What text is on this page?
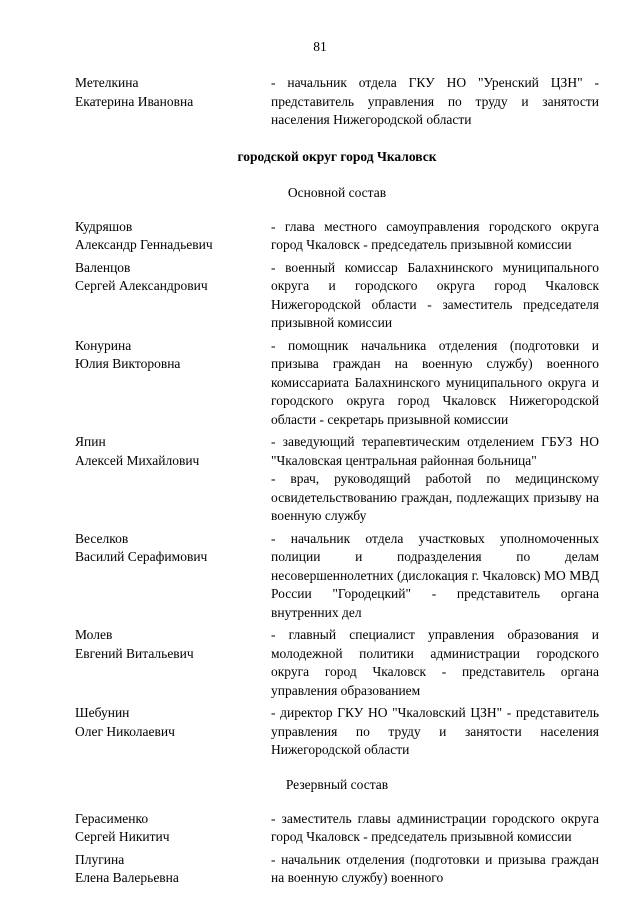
81
Метелкина
Екатерина Ивановна
- начальник отдела ГКУ НО "Уренский ЦЗН" - представитель управления по труду и занятости населения Нижегородской области
городской округ город Чкаловск
Основной состав
Кудряшов
Александр Геннадьевич
- глава местного самоуправления городского округа город Чкаловск - председатель призывной комиссии
Валенцов
Сергей Александрович
- военный комиссар Балахнинского муниципального округа и городского округа город Чкаловск Нижегородской области - заместитель председателя призывной комиссии
Конурина
Юлия Викторовна
- помощник начальника отделения (подготовки и призыва граждан на военную службу) военного комиссариата Балахнинского муниципального округа и городского округа город Чкаловск Нижегородской области - секретарь призывной комиссии
Япин
Алексей Михайлович
- заведующий терапевтическим отделением ГБУЗ НО "Чкаловская центральная районная больница"
- врач, руководящий работой по медицинскому освидетельствованию граждан, подлежащих призыву на военную службу
Веселков
Василий Серафимович
- начальник отдела участковых уполномоченных полиции и подразделения по делам несовершеннолетних (дислокация г. Чкаловск) МО МВД России "Городецкий" - представитель органа внутренних дел
Молев
Евгений Витальевич
- главный специалист управления образования и молодежной политики администрации городского округа город Чкаловск - представитель органа управления образованием
Шебунин
Олег Николаевич
- директор ГКУ НО "Чкаловский ЦЗН" - представитель управления по труду и занятости населения Нижегородской области
Резервный состав
Герасименко
Сергей Никитич
- заместитель главы администрации городского округа город Чкаловск - председатель призывной комиссии
Плугина
Елена Валерьевна
- начальник отделения (подготовки и призыва граждан на военную службу) военного
